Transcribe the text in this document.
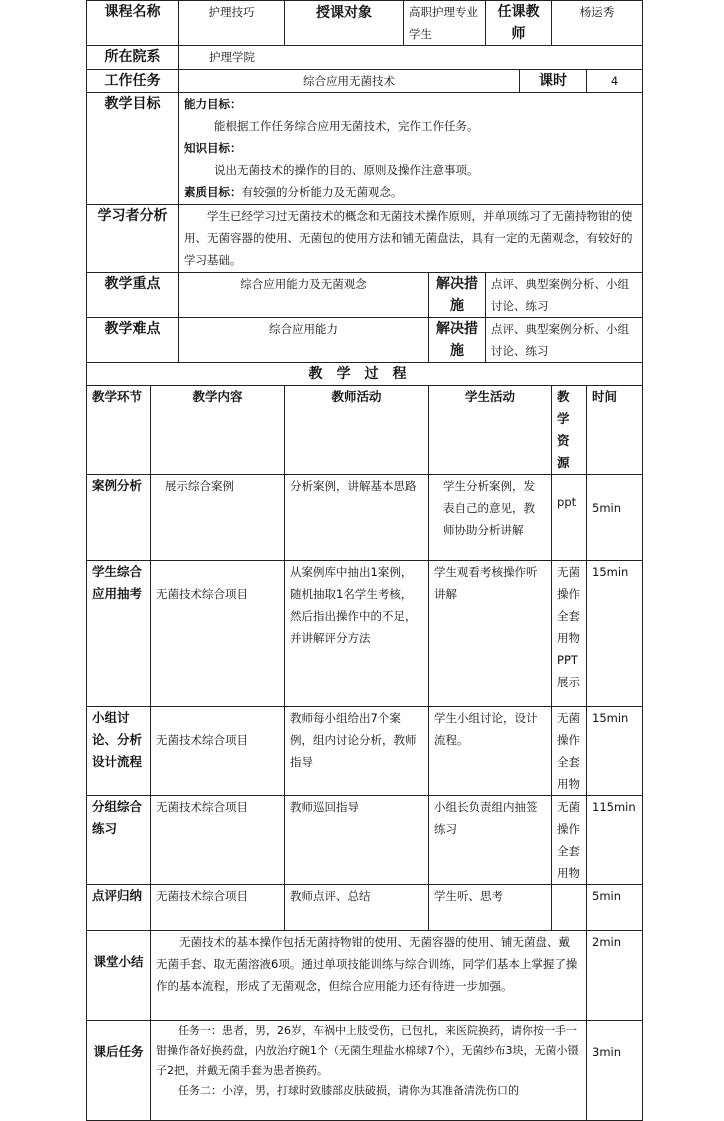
课程名称		护理技巧	授课对象	高职护理专业学生		任课教师		杨运秀	
所在院系		护理学院							
工作任务		综合应用无菌技术					课时		4
教学目标		能力目标：
能根据工作任务综合应用无菌技术，完作工作任务。
知识目标：
说出无菌技术的操作的目的、原则及操作注意事项。
素质目标：有较强的分析能力及无菌观念。							

学习者分析		学生已经学习过无菌技术的概念和无菌技术操作原则，并单项练习了无菌持物钳的使用、无菌容器的使用、无菌包的使用方法和铺无菌盘法，具有一定的无菌观念，有较好的学习基础。							
教学重点		综合应用能力及无菌观念			解决措施	点评、典型案例分析、小组讨论、练习			
教学难点		综合应用能力			解决措施	点评、典型案例分析、小组讨论、练习			
教学过程									
教学环节	教学内容		教师活动		学生活动			教学资源	时间
案例分析	展示综合案例		分析案例，讲解基本思路		学生分析案例，发表自己的意见，教师协助分析讲解			ppt	5min
学生综合应用抽考	无菌技术综合项目		从案例库中抽出1案例，随机抽取1名学生考核，然后指出操作中的不足，并讲解评分方法		学生观看考核操作听讲解			无菌操作全套用物PPT展示	15min
小组讨论、分析设计流程	无菌技术综合项目		教师每小组给出7个案例，组内讨论分析，教师指导		学生小组讨论，设计流程。			无菌操作全套用物	15min
分组综合练习	无菌技术综合项目		教师巡回指导		小组长负责组内抽签练习			无菌操作全套用物	115min
点评归纳	无菌技术综合项目		教师点评、总结		学生听、思考				5min
课堂小结	无菌技术的基本操作包括无菌持物钳的使用、无菌容器的使用、铺无菌盘、戴无菌手套、取无菌溶液6项。通过单项技能训练与综合训练，同学们基本上掌握了操作的基本流程，形成了无菌观念，但综合应用能力还有待进一步加强。								2min
课后任务	任务一：患者，男，26岁，车祸中上肢受伤，已包扎，来医院换药，请你按一手一钳操作备好换药盘，内放治疗碗1个（无菌生理盐水棉球7个），无菌纱布3块，无菌小镊子2把，并戴无菌手套为患者换药。
任务二：小淳，男，打球时致膝部皮肤破损，请你为其准备清洗伤口的								3min
